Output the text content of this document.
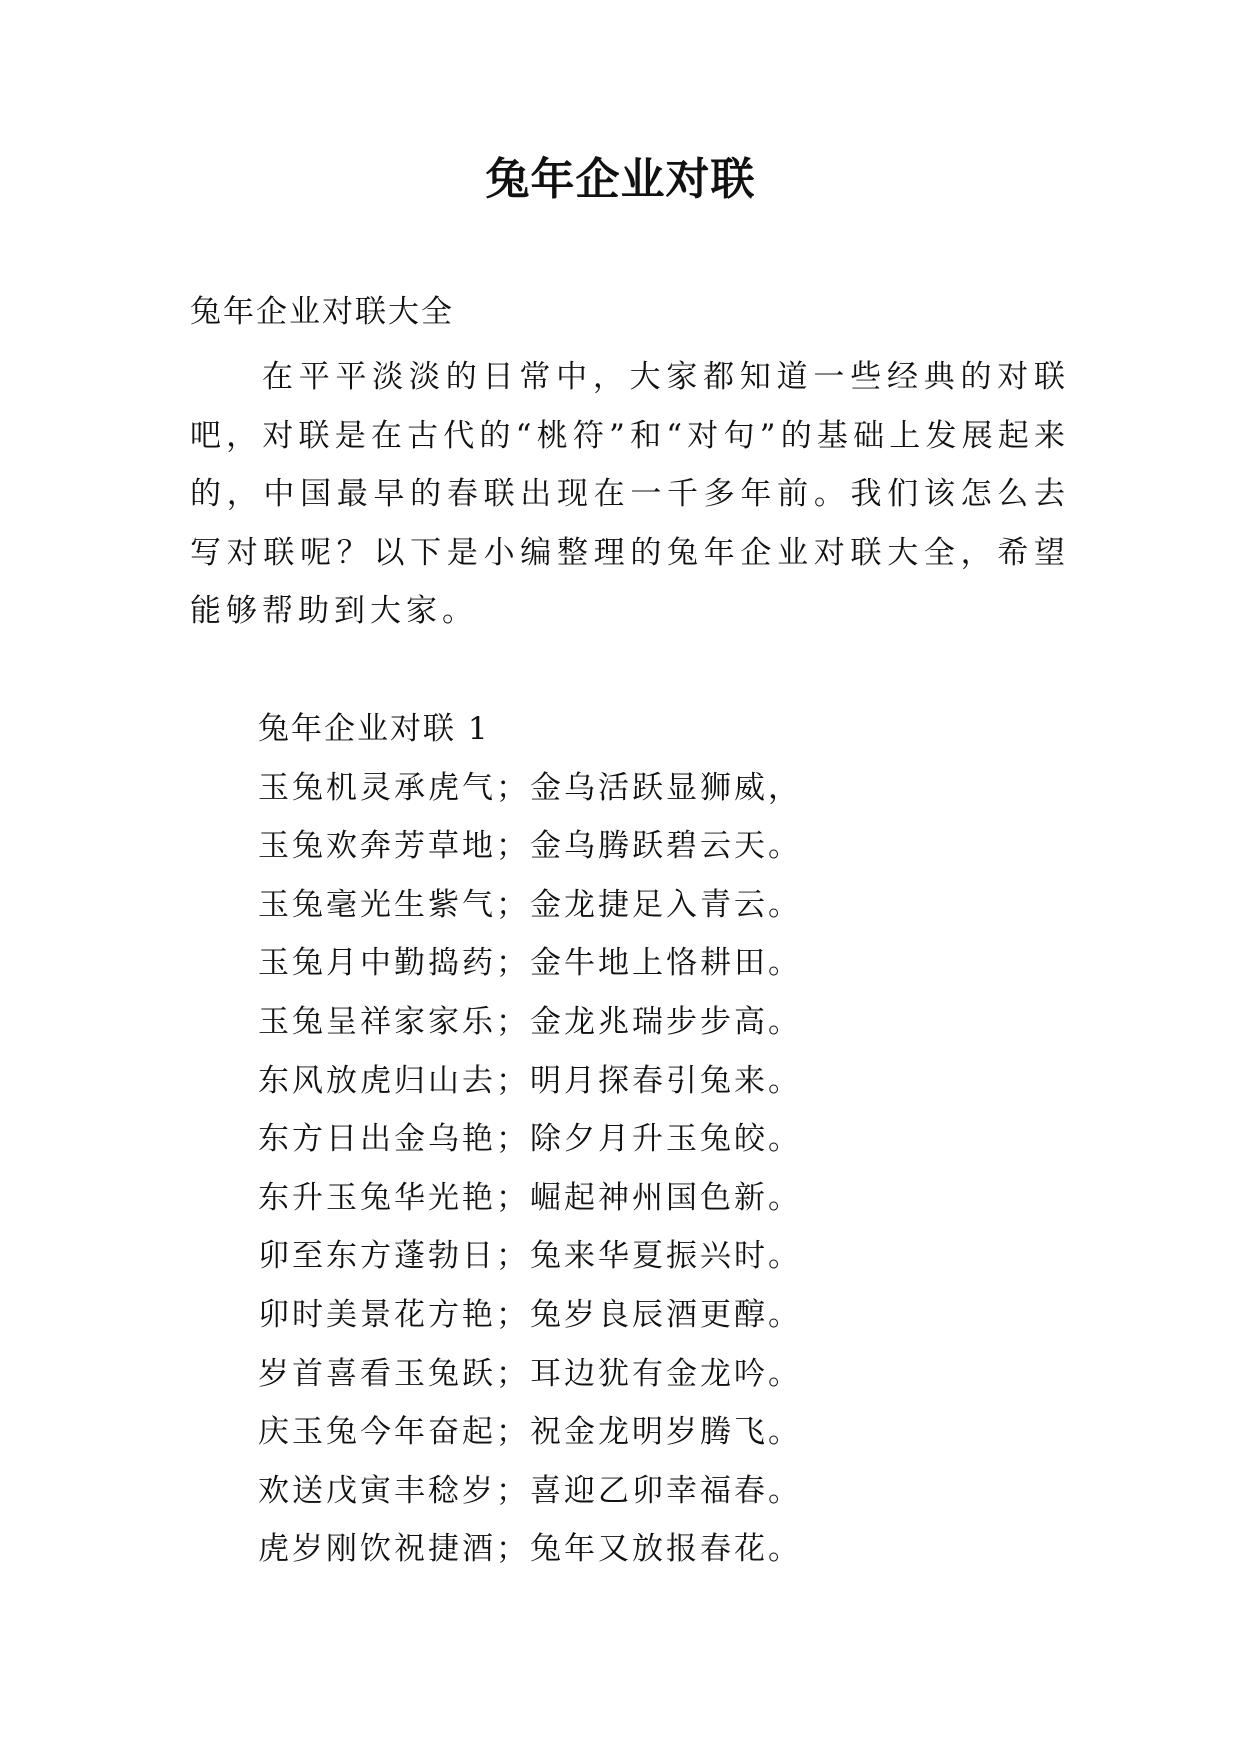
兔年企业对联

兔年企业对联大全

在平平淡淡的日常中，大家都知道一些经典的对联吧，对联是在古代的“桃符”和“对句”的基础上发展起来的，中国最早的春联出现在一千多年前。我们该怎么去写对联呢？以下是小编整理的兔年企业对联大全，希望能够帮助到大家。

兔年企业对联 1

玉兔机灵承虎气；金乌活跃显狮威，
玉兔欢奔芳草地；金乌腾跃碧云天。
玉兔毫光生紫气；金龙捷足入青云。
玉兔月中勤捣药；金牛地上恪耕田。
玉兔呈祥家家乐；金龙兆瑞步步高。
东风放虎归山去；明月探春引兔来。
东方日出金乌艳；除夕月升玉兔皎。
东升玉兔华光艳；崛起神州国色新。
卯至东方蓬勃日；兔来华夏振兴时。
卯时美景花方艳；兔岁良辰酒更醇。
岁首喜看玉兔跃；耳边犹有金龙吟。
庆玉兔今年奋起；祝金龙明岁腾飞。
欢送戊寅丰稔岁；喜迎乙卯幸福春。
虎岁刚饮祝捷酒；兔年又放报春花。
